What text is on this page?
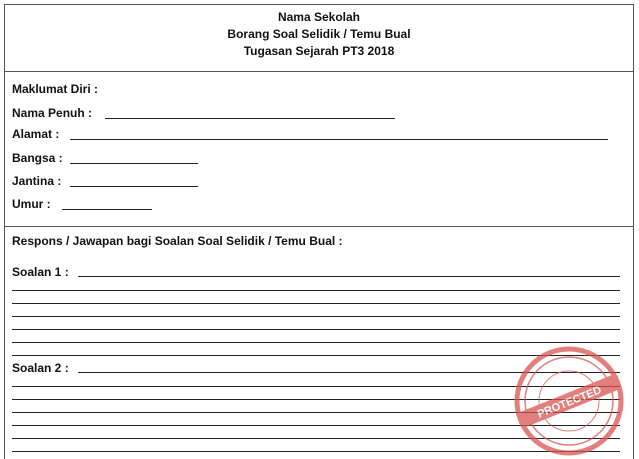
Nama Sekolah
Borang Soal Selidik / Temu Bual
Tugasan Sejarah PT3 2018
Maklumat Diri :
Nama Penuh :
Alamat :
Bangsa :
Jantina :
Umur :
Respons / Jawapan bagi Soalan Soal Selidik / Temu Bual :
Soalan 1 :
Soalan 2 :
PROTECTED
